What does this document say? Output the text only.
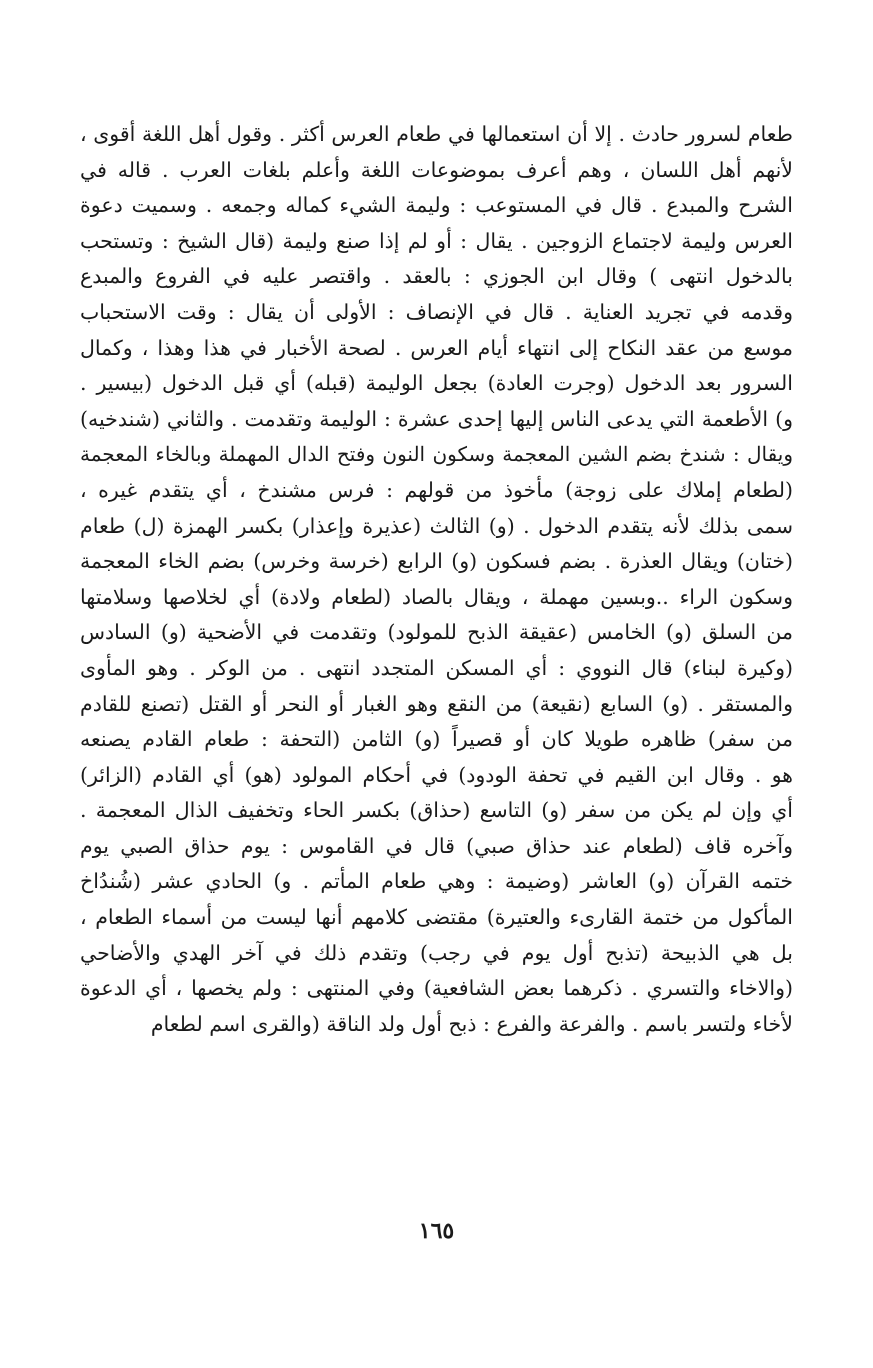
طعام لسرور حادث . إلا أن استعمالها في طعام العرس أكثر . وقول أهل اللغة أقوى ،
لأنهم أهل اللسان ، وهم أعرف بموضوعات اللغة وأعلم بلغات العرب . قاله في
الشرح والمبدع . قال في المستوعب : وليمة الشيء كماله وجمعه . وسميت دعوة
العرس وليمة لاجتماع الزوجين . يقال : أو لم إذا صنع وليمة (قال الشيخ : وتستحب
بالدخول انتهى ) وقال ابن الجوزي : بالعقد . واقتصر عليه في الفروع والمبدع
وقدمه في تجريد العناية . قال في الإنصاف : الأولى أن يقال : وقت الاستحباب
موسع من عقد النكاح إلى انتهاء أيام العرس . لصحة الأخبار في هذا وهذا ، وكمال
السرور بعد الدخول (وجرت العادة) بجعل الوليمة (قبله) أي قبل الدخول (بيسير .
و) الأطعمة التي يدعى الناس إليها إحدى عشرة : الوليمة وتقدمت . والثاني (شندخيه)
ويقال : شندخ بضم الشين المعجمة وسكون النون وفتح الدال المهملة وبالخاء المعجمة
(لطعام إملاك على زوجة) مأخوذ من قولهم : فرس مشندخ ، أي يتقدم غيره ،
سمى بذلك لأنه يتقدم الدخول . (و) الثالث (عذيرة وإعذار) بكسر الهمزة (ل) طعام
(ختان) ويقال العذرة . بضم فسكون (و) الرابع (خرسة وخرس) بضم الخاء المعجمة
وسكون الراء ..وبسين مهملة ، ويقال بالصاد (لطعام ولادة) أي لخلاصها وسلامتها
من السلق (و) الخامس (عقيقة الذبح للمولود) وتقدمت في الأضحية (و) السادس
(وكيرة لبناء) قال النووي : أي المسكن المتجدد انتهى . من الوكر . وهو المأوى
والمستقر . (و) السابع (نقيعة) من النقع وهو الغبار أو النحر أو القتل (تصنع للقادم
من سفر) ظاهره طويلا كان أو قصيراً (و) الثامن (التحفة : طعام القادم يصنعه
هو . وقال ابن القيم في تحفة الودود) في أحكام المولود (هو) أي القادم (الزائر)
أي وإن لم يكن من سفر (و) التاسع (حذاق) بكسر الحاء وتخفيف الذال المعجمة .
وآخره قاف (لطعام عند حذاق صبي) قال في القاموس : يوم حذاق الصبي يوم
ختمه القرآن (و) العاشر (وضيمة : وهي طعام المأتم . و) الحادي عشر (شُندُاخ
المأكول من ختمة القارىء والعتيرة) مقتضى كلامهم أنها ليست من أسماء الطعام ،
بل هي الذبيحة (تذبح أول يوم في رجب) وتقدم ذلك في آخر الهدي والأضاحي
(والاخاء والتسري . ذكرهما بعض الشافعية) وفي المنتهى : ولم يخصها ، أي الدعوة
لأخاء ولتسر باسم . والفرعة والفرع : ذبح أول ولد الناقة (والقرى اسم لطعام
١٦٥
